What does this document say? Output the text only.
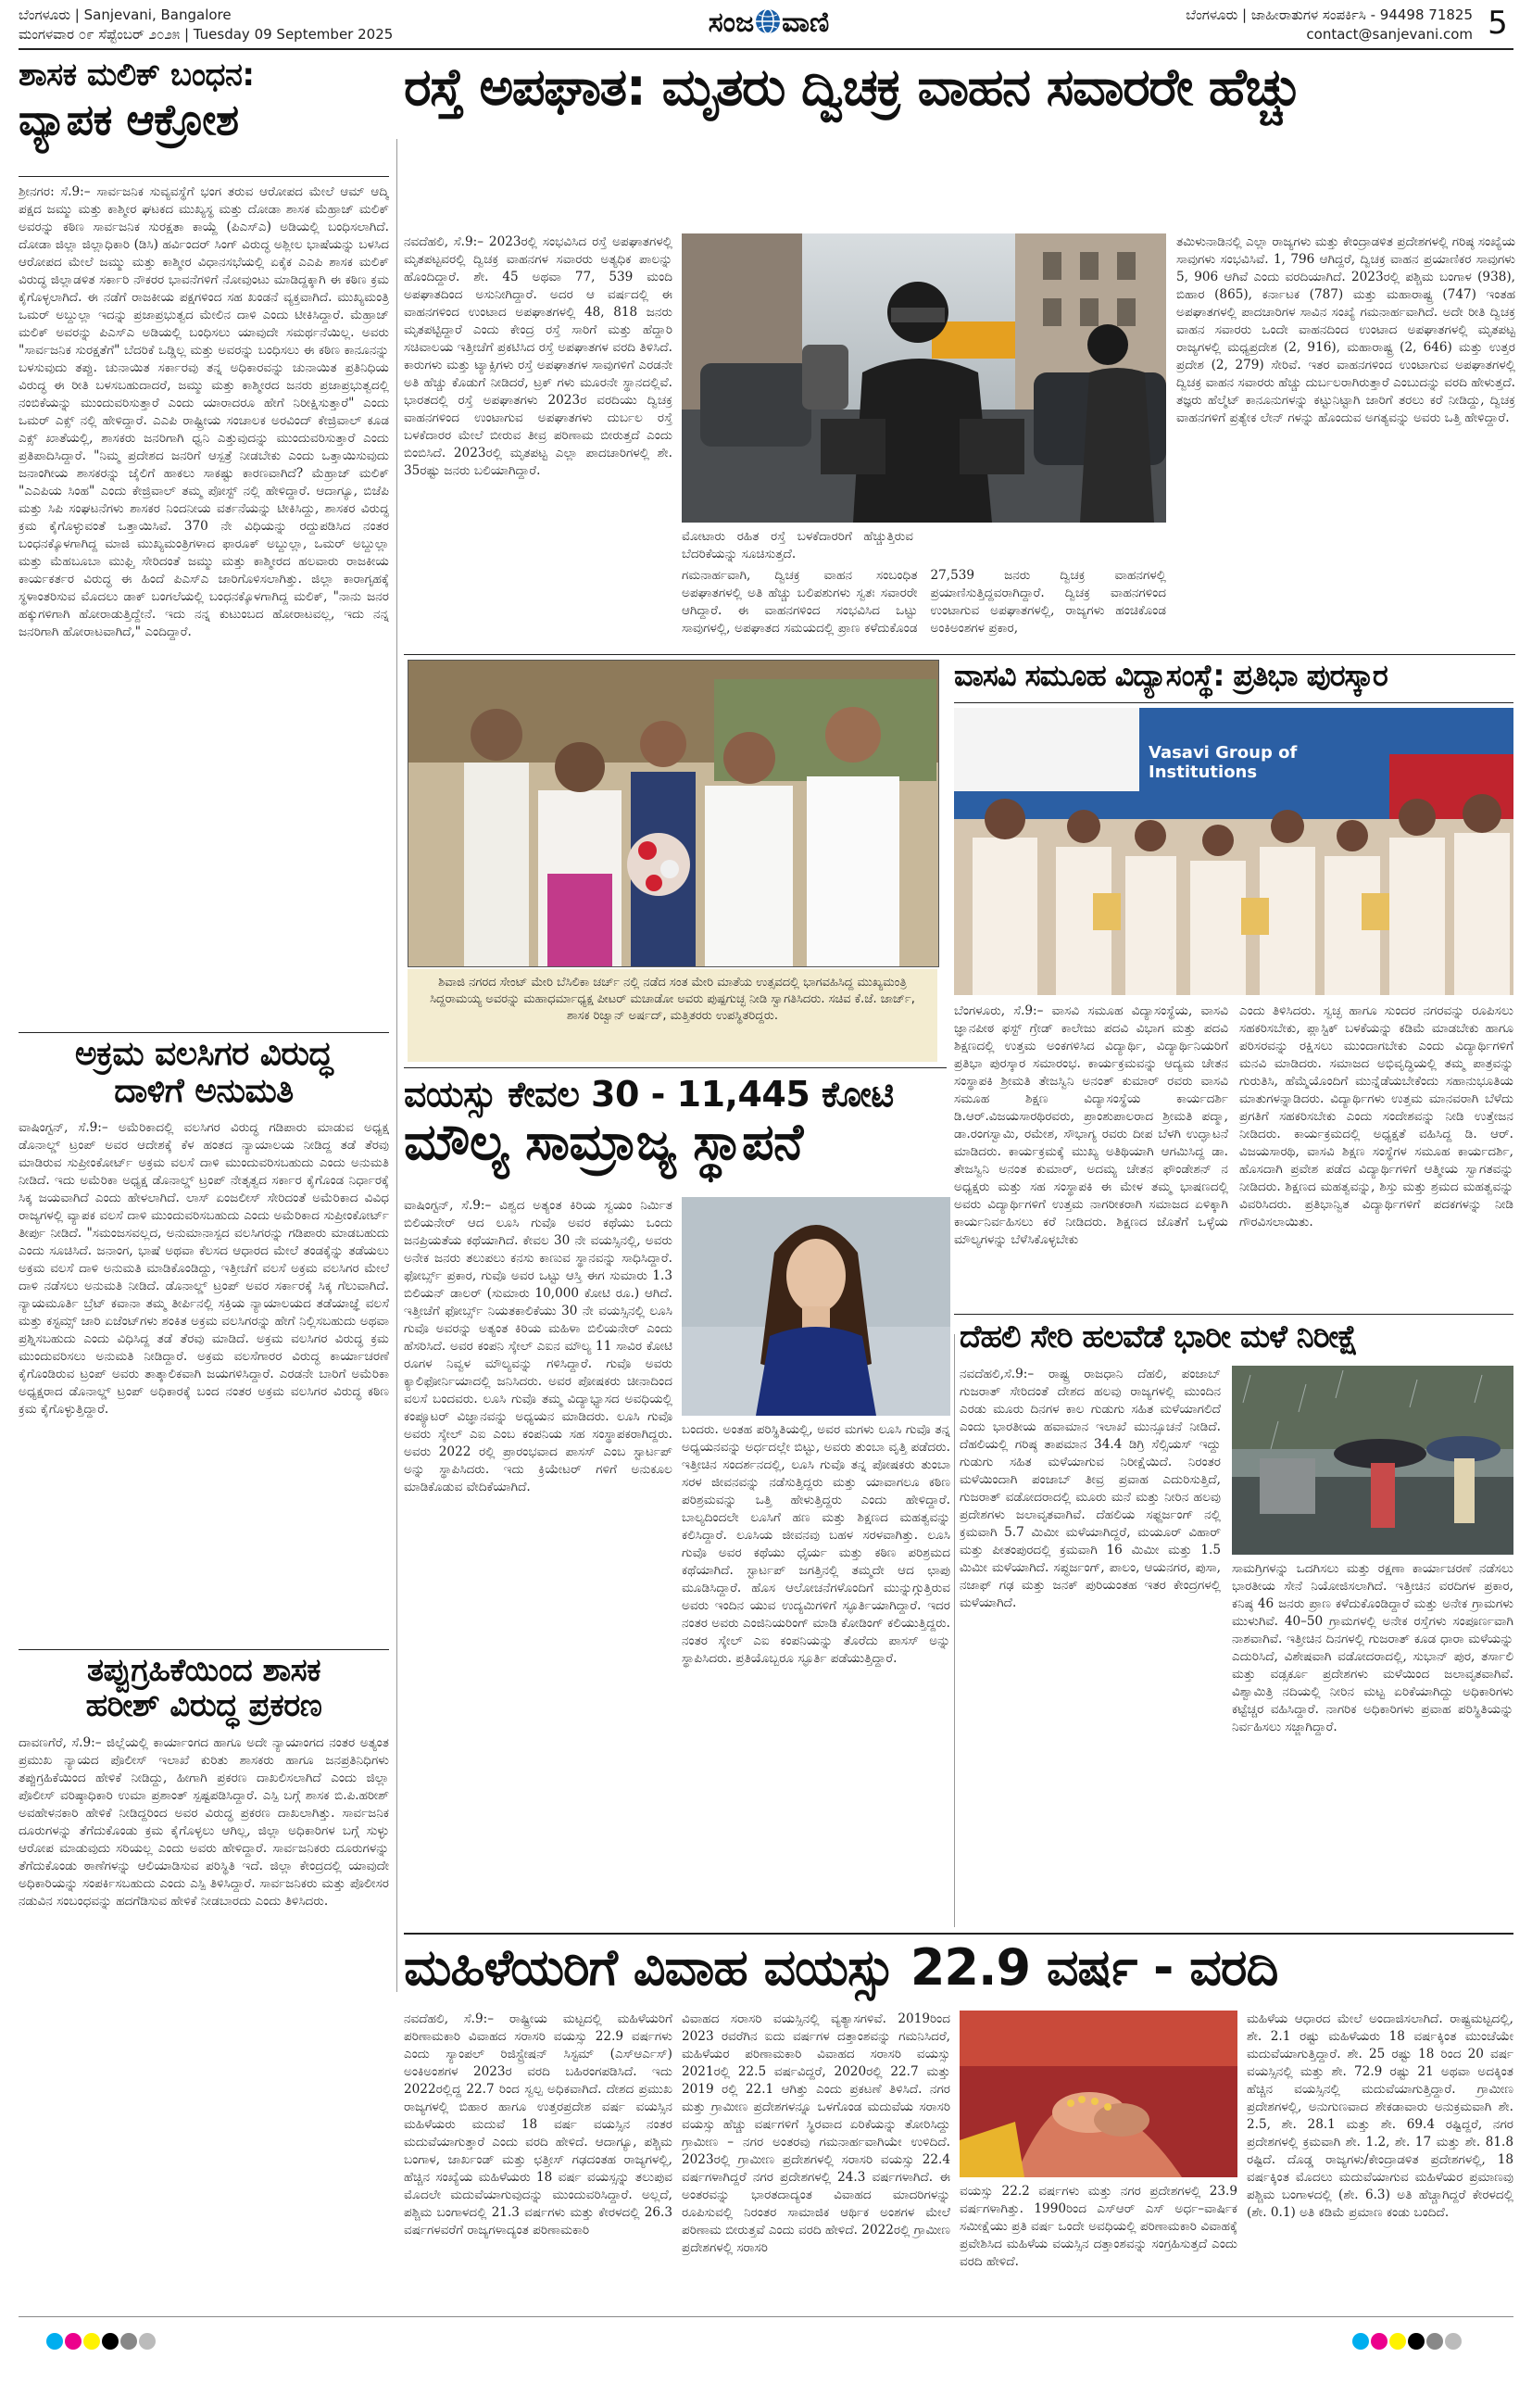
ಬೆಂಗಳೂರು | Sanjevani, Bangalore
ಮಂಗಳವಾರ ೦೯ ಸೆಪ್ಟೆಂಬರ್ ೨೦೨೫ | Tuesday 09 September 2025	ಸಂಜ ವಾಣಿ	ಬೆಂಗಳೂರು | ಜಾಹೀರಾತುಗಳ ಸಂಪರ್ಕಿಸಿ - 94498 71825
contact@sanjevani.com 5
ಶಾಸಕ ಮಲಿಕ್ ಬಂಧನ:
ವ್ಯಾಪಕ ಆಕ್ರೋಶ
ಶ್ರೀನಗರ: ಸೆ.9:– ಸಾರ್ವಜನಿಕ ಸುವ್ಯವಸ್ಥೆಗೆ ಭಂಗ ತರುವ ಆರೋಪದ ಮೇಲೆ ಆಮ್ ಆದ್ಮಿ ಪಕ್ಷದ ಜಮ್ಮು ಮತ್ತು ಕಾಶ್ಮೀರ ಘಟಕದ ಮುಖ್ಯಸ್ಥ ಮತ್ತು ದೋಡಾ ಶಾಸಕ ಮೆಹ್ರಾಜ್ ಮಲಿಕ್ ಅವರನ್ನು ಕಠಿಣ ಸಾರ್ವಜನಿಕ ಸುರಕ್ಷತಾ ಕಾಯ್ದೆ (ಪಿಎಸ್ಎ) ಅಡಿಯಲ್ಲಿ ಬಂಧಿಸಲಾಗಿದೆ. ದೋಡಾ ಜಿಲ್ಲಾ ಜಿಲ್ಲಾಧಿಕಾರಿ (ಡಿಸಿ) ಹರ್ವಿಂದರ್ ಸಿಂಗ್ ವಿರುದ್ಧ ಅಶ್ಲೀಲ ಭಾಷೆಯನ್ನು ಬಳಸಿದ ಆರೋಪದ ಮೇಲೆ ಜಮ್ಮು ಮತ್ತು ಕಾಶ್ಮೀರ ವಿಧಾನಸಭೆಯಲ್ಲಿ ಏಕೈಕ ಎಎಪಿ ಶಾಸಕ ಮಲಿಕ್ ವಿರುದ್ಧ ಜಿಲ್ಲಾಡಳಿತ ಸರ್ಕಾರಿ ನೌಕರರ ಭಾವನೆಗಳಿಗೆ ನೋವುಂಟು ಮಾಡಿದ್ದಕ್ಕಾಗಿ ಈ ಕಠಿಣ ಕ್ರಮ ಕೈಗೊಳ್ಳಲಾಗಿದೆ. ಈ ನಡೆಗೆ ರಾಜಕೀಯ ಪಕ್ಷಗಳಿಂದ ಸಹ ಖಂಡನೆ ವ್ಯಕ್ತವಾಗಿದೆ. ಮುಖ್ಯಮಂತ್ರಿ ಒಮರ್ ಅಬ್ದುಲ್ಲಾ ಇದನ್ನು ಪ್ರಜಾಪ್ರಭುತ್ವದ ಮೇಲಿನ ದಾಳಿ ಎಂದು ಟೀಕಿಸಿದ್ದಾರೆ. ಮೆಹ್ರಾಜ್ ಮಲಿಕ್ ಅವರನ್ನು ಪಿಎಸ್ಎ ಅಡಿಯಲ್ಲಿ ಬಂಧಿಸಲು ಯಾವುದೇ ಸಮರ್ಥನೆಯಿಲ್ಲ. ಅವರು "ಸಾರ್ವಜನಿಕ ಸುರಕ್ಷತೆಗೆ" ಬೆದರಿಕೆ ಒಡ್ಡಿಲ್ಲ ಮತ್ತು ಅವರನ್ನು ಬಂಧಿಸಲು ಈ ಕಠಿಣ ಕಾನೂನನ್ನು ಬಳಸುವುದು ತಪ್ಪು. ಚುನಾಯಿತ ಸರ್ಕಾರವು ತನ್ನ ಅಧಿಕಾರವನ್ನು ಚುನಾಯಿತ ಪ್ರತಿನಿಧಿಯ ವಿರುದ್ಧ ಈ ರೀತಿ ಬಳಸಬಹುದಾದರೆ, ಜಮ್ಮು ಮತ್ತು ಕಾಶ್ಮೀರದ ಜನರು ಪ್ರಜಾಪ್ರಭುತ್ವದಲ್ಲಿ ನಂಬಿಕೆಯನ್ನು ಮುಂದುವರಿಸುತ್ತಾರೆ ಎಂದು ಯಾರಾದರೂ ಹೇಗೆ ನಿರೀಕ್ಷಿಸುತ್ತಾರೆ" ಎಂದು ಒಮರ್ ಎಕ್ಸ್ ನಲ್ಲಿ ಹೇಳಿದ್ದಾರೆ. ಎಎಪಿ ರಾಷ್ಟ್ರೀಯ ಸಂಚಾಲಕ ಅರವಿಂದ್ ಕೇಜ್ರಿವಾಲ್ ಕೂಡ ಎಕ್ಸ್ ಖಾತೆಯಲ್ಲಿ, ಶಾಸಕರು ಜನರಿಗಾಗಿ ಧ್ವನಿ ಎತ್ತುವುದನ್ನು ಮುಂದುವರಿಸುತ್ತಾರೆ ಎಂದು ಪ್ರತಿಪಾದಿಸಿದ್ದಾರೆ. "ನಿಮ್ಮ ಪ್ರದೇಶದ ಜನರಿಗೆ ಆಸ್ಪತ್ರೆ ನೀಡಬೇಕು ಎಂದು ಒತ್ತಾಯಿಸುವುದು ಜನಾಂಗೀಯ ಶಾಸಕರನ್ನು ಜೈಲಿಗೆ ಹಾಕಲು ಸಾಕಷ್ಟು ಕಾರಣವಾಗಿದೆ? ಮೆಹ್ರಾಜ್ ಮಲಿಕ್ "ಎಎಪಿಯ ಸಿಂಹ" ಎಂದು ಕೇಜ್ರಿವಾಲ್ ತಮ್ಮ ಪೋಸ್ಟ್ ನಲ್ಲಿ ಹೇಳಿದ್ದಾರೆ. ಆದಾಗ್ಯೂ, ಬಿಜೆಪಿ ಮತ್ತು ಸಿಪಿ ಸಂಘಟನೆಗಳು ಶಾಸಕರ ನಿಂದನೀಯ ವರ್ತನೆಯನ್ನು ಟೀಕಿಸಿದ್ದು, ಶಾಸಕರ ವಿರುದ್ಧ ಕ್ರಮ ಕೈಗೊಳ್ಳುವಂತೆ ಒತ್ತಾಯಿಸಿವೆ. 370 ನೇ ವಿಧಿಯನ್ನು ರದ್ದುಪಡಿಸಿದ ನಂತರ ಬಂಧನಕ್ಕೊಳಗಾಗಿದ್ದ ಮಾಜಿ ಮುಖ್ಯಮಂತ್ರಿಗಳಾದ ಫಾರೂಕ್ ಅಬ್ದುಲ್ಲಾ, ಒಮರ್ ಅಬ್ದುಲ್ಲಾ ಮತ್ತು ಮೆಹಬೂಬಾ ಮುಫ್ತಿ ಸೇರಿದಂತೆ ಜಮ್ಮು ಮತ್ತು ಕಾಶ್ಮೀರದ ಹಲವಾರು ರಾಜಕೀಯ ಕಾರ್ಯಕರ್ತರ ವಿರುದ್ಧ ಈ ಹಿಂದೆ ಪಿಎಸ್ಎ ಜಾರಿಗೊಳಿಸಲಾಗಿತ್ತು. ಜಿಲ್ಲಾ ಕಾರಾಗೃಹಕ್ಕೆ ಸ್ಥಳಾಂತರಿಸುವ ಮೊದಲು ಡಾಕ್ ಬಂಗಲೆಯಲ್ಲಿ ಬಂಧನಕ್ಕೊಳಗಾಗಿದ್ದ ಮಲಿಕ್, "ನಾನು ಜನರ ಹಕ್ಕುಗಳಿಗಾಗಿ ಹೋರಾಡುತ್ತಿದ್ದೇನೆ. ಇದು ನನ್ನ ಕುಟುಂಬದ ಹೋರಾಟವಲ್ಲ, ಇದು ನನ್ನ ಜನರಿಗಾಗಿ ಹೋರಾಟವಾಗಿದೆ," ಎಂದಿದ್ದಾರೆ.
ಅಕ್ರಮ ವಲಸಿಗರ ವಿರುದ್ಧ
ದಾಳಿಗೆ ಅನುಮತಿ
ವಾಷಿಂಗ್ಟನ್, ಸೆ.9:– ಅಮೆರಿಕಾದಲ್ಲಿ ವಲಸಿಗರ ವಿರುದ್ಧ ಗಡಿಪಾರು ಮಾಡುವ ಅಧ್ಯಕ್ಷ ಡೊನಾಲ್ಡ್ ಟ್ರಂಪ್ ಅವರ ಆದೇಶಕ್ಕೆ ಕೆಳ ಹಂತದ ನ್ಯಾಯಾಲಯ ನೀಡಿದ್ದ ತಡೆ ತೆರವು ಮಾಡಿರುವ ಸುಪ್ರೀಂಕೋರ್ಟ್ ಅಕ್ರಮ ವಲಸೆ ದಾಳಿ ಮುಂದುವರಿಸಬಹುದು ಎಂದು ಅನುಮತಿ ನೀಡಿದೆ. ಇದು ಅಮೆರಿಕಾ ಅಧ್ಯಕ್ಷ ಡೊನಾಲ್ಡ್ ಟ್ರಂಪ್ ನೇತೃತ್ವದ ಸರ್ಕಾರ ಕೈಗೊಂಡ ನಿರ್ಧಾರಕ್ಕೆ ಸಿಕ್ಕ ಜಯವಾಗಿದೆ ಎಂದು ಹೇಳಲಾಗಿದೆ. ಲಾಸ್ ಏಂಜಲೀಸ್ ಸೇರಿದಂತೆ ಅಮೆರಿಕಾದ ವಿವಿಧ ರಾಜ್ಯಗಳಲ್ಲಿ ವ್ಯಾಪಕ ವಲಸೆ ದಾಳಿ ಮುಂದುವರಿಸಬಹುದು ಎಂದು ಅಮೆರಿಕಾದ ಸುಪ್ರೀಂಕೋರ್ಟ್ ತೀರ್ಪು ನೀಡಿದೆ. "ಸಮಂಜಸವಲ್ಲದ, ಅನುಮಾನಾಸ್ಪದ ವಲಸಿಗರನ್ನು ಗಡಿಪಾರು ಮಾಡಬಹುದು ಎಂದು ಸೂಚಿಸಿದೆ. ಜನಾಂಗ, ಭಾಷೆ ಅಥವಾ ಕೆಲಸದ ಆಧಾರದ ಮೇಲೆ ತಂಡಕ್ಕೆನ್ನು ತಡೆಯಲು ಅಕ್ರಮ ವಲಸೆ ದಾಳಿ ಅನುಮತಿ ಮಾಡಿಕೊಂಡಿದ್ದು, ಇತ್ತೀಚೆಗೆ ವಲಸೆ ಅಕ್ರಮ ವಲಸಿಗರ ಮೇಲೆ ದಾಳಿ ನಡೆಸಲು ಅನುಮತಿ ನೀಡಿದೆ. ಡೊನಾಲ್ಡ್ ಟ್ರಂಪ್ ಅವರ ಸರ್ಕಾರಕ್ಕೆ ಸಿಕ್ಕ ಗೆಲುವಾಗಿದೆ. ನ್ಯಾಯಮೂರ್ತಿ ಬ್ರೆಟ್ ಕವಾನಾ ತಮ್ಮ ತೀರ್ಪಿನಲ್ಲಿ ಸಕ್ರಿಯ ನ್ಯಾಯಾಲಯದ ತಡೆಯಾಜ್ಞೆ ವಲಸೆ ಮತ್ತು ಕಸ್ಟಮ್ಸ್ ಜಾರಿ ಏಜೆಂಟ್‌ಗಳು ಶಂಕಿತ ಅಕ್ರಮ ವಲಸಿಗರನ್ನು ಹೇಗೆ ನಿಲ್ಲಿಸಬಹುದು ಅಥವಾ ಪ್ರಶ್ನಿಸಬಹುದು ಎಂದು ವಿಧಿಸಿದ್ದ ತಡೆ ತೆರವು ಮಾಡಿದೆ. ಅಕ್ರಮ ವಲಸಿಗರ ವಿರುದ್ಧ ಕ್ರಮ ಮುಂದುವರಿಸಲು ಅನುಮತಿ ನೀಡಿದ್ದಾರೆ. ಅಕ್ರಮ ವಲಸೆಗಾರರ ವಿರುದ್ಧ ಕಾರ್ಯಾಚರಣೆ ಕೈಗೊಂಡಿರುವ ಟ್ರಂಪ್ ಅವರು ತಾತ್ಕಾಲಿಕವಾಗಿ ಜಯಗಳಿಸಿದ್ದಾರೆ. ಎರಡನೇ ಬಾರಿಗೆ ಅಮೆರಿಕಾ ಅಧ್ಯಕ್ಷರಾದ ಡೊನಾಲ್ಡ್ ಟ್ರಂಪ್ ಅಧಿಕಾರಕ್ಕೆ ಬಂದ ನಂತರ ಅಕ್ರಮ ವಲಸಿಗರ ವಿರುದ್ಧ ಕಠಿಣ ಕ್ರಮ ಕೈಗೊಳ್ಳುತ್ತಿದ್ದಾರೆ.
ತಪ್ಪುಗ್ರಹಿಕೆಯಿಂದ ಶಾಸಕ
ಹರೀಶ್ ವಿರುದ್ಧ ಪ್ರಕರಣ
ದಾವಣಗೆರೆ, ಸೆ.9:– ಜಿಲ್ಲೆಯಲ್ಲಿ ಕಾರ್ಯಾಂಗದ ಹಾಗೂ ಅದೇ ನ್ಯಾಯಾಂಗದ ನಂತರ ಅತ್ಯಂತ ಪ್ರಮುಖ ನ್ಯಾಯದ ಪೊಲೀಸ್ ಇಲಾಖೆ ಕುರಿತು ಶಾಸಕರು ಹಾಗೂ ಜನಪ್ರತಿನಿಧಿಗಳು ತಪ್ಪುಗ್ರಹಿಕೆಯಿಂದ ಹೇಳಿಕೆ ನೀಡಿದ್ದು, ಹೀಗಾಗಿ ಪ್ರಕರಣ ದಾಖಲಿಸಲಾಗಿದೆ ಎಂದು ಜಿಲ್ಲಾ ಪೊಲೀಸ್ ವರಿಷ್ಠಾಧಿಕಾರಿ ಉಮಾ ಪ್ರಶಾಂತ್ ಸ್ಪಷ್ಟಪಡಿಸಿದ್ದಾರೆ. ಎಸ್ಪಿ ಬಗ್ಗೆ ಶಾಸಕ ಬಿ.ಪಿ.ಹರೀಶ್ ಅವಹೇಳನಕಾರಿ ಹೇಳಿಕೆ ನೀಡಿದ್ದರಿಂದ ಅವರ ವಿರುದ್ಧ ಪ್ರಕರಣ ದಾಖಲಾಗಿತ್ತು. ಸಾರ್ವಜನಿಕ ದೂರುಗಳನ್ನು ತೆಗೆದುಕೊಂಡು ಕ್ರಮ ಕೈಗೊಳ್ಳಲು ಆಗಿಲ್ಲ, ಜಿಲ್ಲಾ ಅಧಿಕಾರಿಗಳ ಬಗ್ಗೆ ಸುಳ್ಳು ಆರೋಪ ಮಾಡುವುದು ಸರಿಯಲ್ಲ ಎಂದು ಅವರು ಹೇಳಿದ್ದಾರೆ. ಸಾರ್ವಜನಿಕರು ದೂರುಗಳನ್ನು ತೆಗೆದುಕೊಂಡು ಠಾಣೆಗಳನ್ನು ಆಲಿಯಾಡಿಸುವ ಪರಿಸ್ಥಿತಿ ಇದೆ. ಜಿಲ್ಲಾ ಕೇಂದ್ರದಲ್ಲಿ ಯಾವುದೇ ಅಧಿಕಾರಿಯನ್ನು ಸಂಪರ್ಕಿಸಬಹುದು ಎಂದು ಎಸ್ಪಿ ತಿಳಿಸಿದ್ದಾರೆ. ಸಾರ್ವಜನಿಕರು ಮತ್ತು ಪೊಲೀಸರ ನಡುವಿನ ಸಂಬಂಧವನ್ನು ಹದಗೆಡಿಸುವ ಹೇಳಿಕೆ ನೀಡಬಾರದು ಎಂದು ತಿಳಿಸಿದರು.
ರಸ್ತೆ ಅಪಘಾತ: ಮೃತರು ದ್ವಿಚಕ್ರ ವಾಹನ ಸವಾರರೇ ಹೆಚ್ಚು
ನವದೆಹಲಿ, ಸೆ.9:– 2023ರಲ್ಲಿ ಸಂಭವಿಸಿದ ರಸ್ತೆ ಅಪಘಾತಗಳಲ್ಲಿ ಮೃತಪಟ್ಟವರಲ್ಲಿ ದ್ವಿಚಕ್ರ ವಾಹನಗಳ ಸವಾರರು ಅತ್ಯಧಿಕ ಪಾಲನ್ನು ಹೊಂದಿದ್ದಾರೆ. ಶೇ. 45 ಅಥವಾ 77, 539 ಮಂದಿ ಅಪಘಾತದಿಂದ ಅಸುನೀಗಿದ್ದಾರೆ. ಅದರ ಆ ವರ್ಷದಲ್ಲಿ ಈ ವಾಹನಗಳಿಂದ ಉಂಟಾದ ಅಪಘಾತಗಳಲ್ಲಿ 48, 818 ಜನರು ಮೃತಪಟ್ಟಿದ್ದಾರೆ ಎಂದು ಕೇಂದ್ರ ರಸ್ತೆ ಸಾರಿಗೆ ಮತ್ತು ಹೆದ್ದಾರಿ ಸಚಿವಾಲಯ ಇತ್ತೀಚೆಗೆ ಪ್ರಕಟಿಸಿದ ರಸ್ತೆ ಅಪಘಾತಗಳ ವರದಿ ತಿಳಿಸಿದೆ. ಕಾರುಗಳು ಮತ್ತು ಟ್ಯಾಕ್ಸಿಗಳು ರಸ್ತೆ ಅಪಘಾತಗಳ ಸಾವುಗಳಿಗೆ ಎರಡನೇ ಅತಿ ಹೆಚ್ಚು ಕೊಡುಗೆ ನೀಡಿದರೆ, ಟ್ರಕ್ ಗಳು ಮೂರನೇ ಸ್ಥಾನದಲ್ಲಿವೆ. ಭಾರತದಲ್ಲಿ ರಸ್ತೆ ಅಪಘಾತಗಳು 2023ರ ವರದಿಯು ದ್ವಿಚಕ್ರ ವಾಹನಗಳಿಂದ ಉಂಟಾಗುವ ಅಪಘಾತಗಳು ದುರ್ಬಲ ರಸ್ತೆ ಬಳಕೆದಾರರ ಮೇಲೆ ಬೀರುವ ತೀವ್ರ ಪರಿಣಾಮ ಬೀರುತ್ತದೆ ಎಂದು ಬಿಂಬಿಸಿದೆ. 2023ರಲ್ಲಿ ಮೃತಪಟ್ಟ ಎಲ್ಲಾ ಪಾದಚಾರಿಗಳಲ್ಲಿ ಶೇ. 35ರಷ್ಟು ಜನರು ಬಲಿಯಾಗಿದ್ದಾರೆ.
ಮೋಟಾರು ರಹಿತ ರಸ್ತೆ ಬಳಕೆದಾರರಿಗೆ ಹೆಚ್ಚುತ್ತಿರುವ ಬೆದರಿಕೆಯನ್ನು ಸೂಚಿಸುತ್ತದೆ.
ಗಮನಾರ್ಹವಾಗಿ, ದ್ವಿಚಕ್ರ ವಾಹನ ಸಂಬಂಧಿತ ಅಪಘಾತಗಳಲ್ಲಿ ಅತಿ ಹೆಚ್ಚು ಬಲಿಪಶುಗಳು ಸ್ವತಃ ಸವಾರರೇ ಆಗಿದ್ದಾರೆ. ಈ ವಾಹನಗಳಿಂದ ಸಂಭವಿಸಿದ ಒಟ್ಟು ಸಾವುಗಳಲ್ಲಿ, ಅಪಘಾತದ ಸಮಯದಲ್ಲಿ ಪ್ರಾಣ ಕಳೆದುಕೊಂಡ 27,539 ಜನರು ದ್ವಿಚಕ್ರ ವಾಹನಗಳಲ್ಲಿ ಪ್ರಯಾಣಿಸುತ್ತಿದ್ದವರಾಗಿದ್ದಾರೆ. ದ್ವಿಚಕ್ರ ವಾಹನಗಳಿಂದ ಉಂಟಾಗುವ ಅಪಘಾತಗಳಲ್ಲಿ, ರಾಜ್ಯಗಳು ಹಂಚಿಕೊಂಡ ಅಂಕಿಅಂಶಗಳ ಪ್ರಕಾರ,
ತಮಿಳುನಾಡಿನಲ್ಲಿ ಎಲ್ಲಾ ರಾಜ್ಯಗಳು ಮತ್ತು ಕೇಂದ್ರಾಡಳಿತ ಪ್ರದೇಶಗಳಲ್ಲಿ ಗರಿಷ್ಠ ಸಂಖ್ಯೆಯ ಸಾವುಗಳು ಸಂಭವಿಸಿವೆ. 1, 796 ಆಗಿದ್ದರೆ, ದ್ವಿಚಕ್ರ ವಾಹನ ಪ್ರಯಾಣಿಕರ ಸಾವುಗಳು 5, 906 ಆಗಿವೆ ಎಂದು ವರದಿಯಾಗಿದೆ. 2023ರಲ್ಲಿ ಪಶ್ಚಿಮ ಬಂಗಾಳ (938), ಬಿಹಾರ (865), ಕರ್ನಾಟಕ (787) ಮತ್ತು ಮಹಾರಾಷ್ಟ್ರ (747) ಇಂತಹ ಅಪಘಾತಗಳಲ್ಲಿ ಪಾದಚಾರಿಗಳ ಸಾವಿನ ಸಂಖ್ಯೆ ಗಮನಾರ್ಹವಾಗಿದೆ. ಅದೇ ರೀತಿ ದ್ವಿಚಕ್ರ ವಾಹನ ಸವಾರರು ಒಂದೇ ವಾಹನದಿಂದ ಉಂಟಾದ ಅಪಘಾತಗಳಲ್ಲಿ ಮೃತಪಟ್ಟ ರಾಜ್ಯಗಳಲ್ಲಿ ಮಧ್ಯಪ್ರದೇಶ (2, 916), ಮಹಾರಾಷ್ಟ್ರ (2, 646) ಮತ್ತು ಉತ್ತರ ಪ್ರದೇಶ (2, 279) ಸೇರಿವೆ. ಇತರ ವಾಹನಗಳಿಂದ ಉಂಟಾಗುವ ಅಪಘಾತಗಳಲ್ಲಿ ದ್ವಿಚಕ್ರ ವಾಹನ ಸವಾರರು ಹೆಚ್ಚು ದುರ್ಬಲರಾಗಿರುತ್ತಾರೆ ಎಂಬುದನ್ನು ವರದಿ ಹೇಳುತ್ತದೆ. ತಜ್ಞರು ಹೆಲ್ಮೆಟ್ ಕಾನೂನುಗಳನ್ನು ಕಟ್ಟುನಿಟ್ಟಾಗಿ ಜಾರಿಗೆ ತರಲು ಕರೆ ನೀಡಿದ್ದು, ದ್ವಿಚಕ್ರ ವಾಹನಗಳಿಗೆ ಪ್ರತ್ಯೇಕ ಲೇನ್ ಗಳನ್ನು ಹೊಂದುವ ಅಗತ್ಯವನ್ನು ಅವರು ಒತ್ತಿ ಹೇಳಿದ್ದಾರೆ.
ಶಿವಾಜಿ ನಗರದ ಸೇಂಟ್ ಮೇರಿ ಬೆಸಿಲಿಕಾ ಚರ್ಚ್ ನಲ್ಲಿ ನಡೆದ ಸಂತ ಮೇರಿ ಮಾತೆಯ ಉತ್ಸವದಲ್ಲಿ ಭಾಗವಹಿಸಿದ್ದ ಮುಖ್ಯಮಂತ್ರಿ ಸಿದ್ದರಾಮಯ್ಯ ಅವರನ್ನು ಮಹಾಧರ್ಮಾಧ್ಯಕ್ಷ ಪೀಟರ್ ಮಚಾಡೋ ಅವರು ಪುಷ್ಪಗುಚ್ಛ ನೀಡಿ ಸ್ವಾಗತಿಸಿದರು. ಸಚಿವ ಕೆ.ಜೆ. ಜಾರ್ಜ್, ಶಾಸಕ ರಿಜ್ವಾನ್ ಅರ್ಷದ್, ಮತ್ತಿತರರು ಉಪಸ್ಥಿತರಿದ್ದರು.
ವಾಸವಿ ಸಮೂಹ ವಿದ್ಯಾಸಂಸ್ಥೆ: ಪ್ರತಿಭಾ ಪುರಸ್ಕಾರ
Vasavi Group of Institutions
ಬೆಂಗಳೂರು, ಸೆ.9:– ವಾಸವಿ ಸಮೂಹ ವಿದ್ಯಾಸಂಸ್ಥೆಯ, ವಾಸವಿ ಜ್ಞಾನಪೀಠ ಫಸ್ಟ್ ಗ್ರೇಡ್ ಕಾಲೇಜು ಪದವಿ ವಿಭಾಗ ಮತ್ತು ಪದವಿ ಶಿಕ್ಷಣದಲ್ಲಿ ಉತ್ತಮ ಅಂಕಗಳಿಸಿದ ವಿದ್ಯಾರ್ಥಿ, ವಿದ್ಯಾರ್ಥಿನಿಯರಿಗೆ ಪ್ರತಿಭಾ ಪುರಸ್ಕಾರ ಸಮಾರಂಭ. ಕಾರ್ಯಕ್ರಮವನ್ನು ಆದ್ಯಮ ಚೇತನ ಸಂಸ್ಥಾಪಕಿ ಶ್ರೀಮತಿ ತೇಜಸ್ವಿನಿ ಅನಂತ್ ಕುಮಾರ್ ರವರು ವಾಸವಿ ಸಮೂಹ ಶಿಕ್ಷಣ ವಿದ್ಯಾಸಂಸ್ಥೆಯ ಕಾರ್ಯದರ್ಶಿ ಡಿ.ಆರ್.ವಿಜಯಸಾರಥಿರವರು, ಪ್ರಾಂಶುಪಾಲರಾದ ಶ್ರೀಮತಿ ಪದ್ಮಾ, ಡಾ.ರಂಗಸ್ವಾಮಿ, ರಮೇಶ, ಸೌಭಾಗ್ಯ ರವರು ದೀಪ ಬೆಳಗಿ ಉದ್ಘಾಟನೆ ಮಾಡಿದರು. ಕಾರ್ಯಕ್ರಮಕ್ಕೆ ಮುಖ್ಯ ಅತಿಥಿಯಾಗಿ ಆಗಮಿಸಿದ್ದ ಡಾ. ತೇಜಸ್ವಿನಿ ಅನಂತ ಕುಮಾರ್, ಅದಮ್ಯ ಚೇತನ ಫೌಂಡೇಶನ್ ನ ಅಧ್ಯಕ್ಷರು ಮತ್ತು ಸಹ ಸಂಸ್ಥಾಪಕಿ ಈ ಮೇಳ ತಮ್ಮ ಭಾಷಣದಲ್ಲಿ ಅವರು ವಿದ್ಯಾರ್ಥಿಗಳಿಗೆ ಉತ್ತಮ ನಾಗರೀಕರಾಗಿ ಸಮಾಜದ ಏಳಿಕ್ಕಾಗಿ ಕಾರ್ಯನಿರ್ವಹಿಸಲು ಕರೆ ನೀಡಿದರು. ಶಿಕ್ಷಣದ ಜೊತೆಗೆ ಒಳ್ಳೆಯ ಮೌಲ್ಯಗಳನ್ನು ಬೆಳೆಸಿಕೊಳ್ಳಬೇಕು
ಎಂದು ತಿಳಿಸಿದರು. ಸ್ವಚ್ಛ ಹಾಗೂ ಸುಂದರ ನಗರವನ್ನು ರೂಪಿಸಲು ಸಹಕರಿಸಬೇಕು, ಪ್ಲಾಸ್ಟಿಕ್ ಬಳಕೆಯನ್ನು ಕಡಿಮೆ ಮಾಡಬೇಕು ಹಾಗೂ ಪರಿಸರವನ್ನು ರಕ್ಷಿಸಲು ಮುಂದಾಗಬೇಕು ಎಂದು ವಿದ್ಯಾರ್ಥಿಗಳಿಗೆ ಮನವಿ ಮಾಡಿದರು. ಸಮಾಜದ ಅಭಿವೃದ್ಧಿಯಲ್ಲಿ ತಮ್ಮ ಪಾತ್ರವನ್ನು ಗುರುತಿಸಿ, ಹೆಮ್ಮೆಯೊಂದಿಗೆ ಮುನ್ನೆಡೆಯಬೇಕೆಂದು ಸಹಾನುಭೂತಿಯ ಮಾತುಗಳನ್ನಾಡಿದರು. ವಿದ್ಯಾರ್ಥಿಗಳು ಉತ್ತಮ ಮಾನವರಾಗಿ ಬೆಳೆದು ಪ್ರಗತಿಗೆ ಸಹಕರಿಸಬೇಕು ಎಂದು ಸಂದೇಶವನ್ನು ನೀಡಿ ಉತ್ತೇಜನ ನೀಡಿದರು. ಕಾರ್ಯಕ್ರಮದಲ್ಲಿ ಅಧ್ಯಕ್ಷತೆ ವಹಿಸಿದ್ದ ಡಿ. ಆರ್. ವಿಜಯಸಾರಥಿ, ವಾಸವಿ ಶಿಕ್ಷಣ ಸಂಸ್ಥೆಗಳ ಸಮೂಹ ಕಾರ್ಯದರ್ಶಿ, ಹೊಸದಾಗಿ ಪ್ರವೇಶ ಪಡೆದ ವಿದ್ಯಾರ್ಥಿಗಳಿಗೆ ಆತ್ಮೀಯ ಸ್ವಾಗತವನ್ನು ನೀಡಿದರು. ಶಿಕ್ಷಣದ ಮಹತ್ವವನ್ನು, ಶಿಸ್ತು ಮತ್ತು ಶ್ರಮದ ಮಹತ್ವವನ್ನು ವಿವರಿಸಿದರು. ಪ್ರತಿಭಾನ್ವಿತ ವಿದ್ಯಾರ್ಥಿಗಳಿಗೆ ಪದಕಗಳನ್ನು ನೀಡಿ ಗೌರವಿಸಲಾಯಿತು.
ವಯಸ್ಸು ಕೇವಲ 30 - 11,445 ಕೋಟಿ
ಮೌಲ್ಯ ಸಾಮ್ರಾಜ್ಯ ಸ್ಥಾಪನೆ
ವಾಷಿಂಗ್ಟನ್, ಸೆ.9:– ವಿಶ್ವದ ಅತ್ಯಂತ ಕಿರಿಯ ಸ್ವಯಂ ನಿರ್ಮಿತ ಬಿಲಿಯನೇರ್ ಆದ ಲೂಸಿ ಗುವೊ ಅವರ ಕಥೆಯು ಒಂದು ಜನಪ್ರಿಯತೆಯ ಕಥೆಯಾಗಿದೆ. ಕೇವಲ 30 ನೇ ವಯಸ್ಸಿನಲ್ಲಿ, ಅವರು ಅನೇಕ ಜನರು ತಲುಪಲು ಕನಸು ಕಾಣುವ ಸ್ಥಾನವನ್ನು ಸಾಧಿಸಿದ್ದಾರೆ. ಫೋರ್ಬ್ಸ್ ಪ್ರಕಾರ, ಗುವೊ ಅವರ ಒಟ್ಟು ಆಸ್ತಿ ಈಗ ಸುಮಾರು 1.3 ಬಿಲಿಯನ್ ಡಾಲರ್ (ಸುಮಾರು 10,000 ಕೋಟಿ ರೂ.) ಆಗಿದೆ. ಇತ್ತೀಚೆಗೆ ಫೋರ್ಬ್ಸ್ ನಿಯತಕಾಲಿಕೆಯು 30 ನೇ ವಯಸ್ಸಿನಲ್ಲಿ ಲೂಸಿ ಗುವೊ ಅವರನ್ನು ಅತ್ಯಂತ ಕಿರಿಯ ಮಹಿಳಾ ಬಿಲಿಯನೇರ್ ಎಂದು ಹೆಸರಿಸಿದೆ. ಅವರ ಕಂಪನಿ ಸ್ಕೇಲ್ ಎಐನ ಮೌಲ್ಯ 11 ಸಾವಿರ ಕೋಟಿ ರೂಗಳ ನಿವ್ವಳ ಮೌಲ್ಯವನ್ನು ಗಳಿಸಿದ್ದಾರೆ. ಗುವೊ ಅವರು ಕ್ಯಾಲಿಫೋರ್ನಿಯಾದಲ್ಲಿ ಜನಿಸಿದರು. ಅವರ ಪೋಷಕರು ಚೀನಾದಿಂದ ವಲಸೆ ಬಂದವರು. ಲೂಸಿ ಗುವೊ ತಮ್ಮ ವಿದ್ಯಾಭ್ಯಾಸದ ಅವಧಿಯಲ್ಲಿ ಕಂಪ್ಯೂಟರ್ ವಿಜ್ಞಾನವನ್ನು ಅಧ್ಯಯನ ಮಾಡಿದರು. ಲೂಸಿ ಗುವೊ ಅವರು ಸ್ಕೇಲ್ ಎಐ ಎಂಬ ಕಂಪನಿಯ ಸಹ ಸಂಸ್ಥಾಪಕರಾಗಿದ್ದರು. ಅವರು 2022 ರಲ್ಲಿ ಪ್ರಾರಂಭವಾದ ಪಾಸಸ್ ಎಂಬ ಸ್ಟಾರ್ಟಪ್ ಅನ್ನು ಸ್ಥಾಪಿಸಿದರು. ಇದು ಕ್ರಿಯೇಟರ್ ಗಳಿಗೆ ಅನುಕೂಲ ಮಾಡಿಕೊಡುವ ವೇದಿಕೆಯಾಗಿದೆ.
ಬಂದರು. ಅಂತಹ ಪರಿಸ್ಥಿತಿಯಲ್ಲಿ, ಅವರ ಮಗಳು ಲೂಸಿ ಗುವೊ ತನ್ನ ಅಧ್ಯಯನವನ್ನು ಅರ್ಧದಲ್ಲೇ ಬಿಟ್ಟು, ಅವರು ತುಂಬಾ ವೃತ್ತಿ ಪಡೆದರು. ಇತ್ತೀಚಿನ ಸಂದರ್ಶನದಲ್ಲಿ, ಲೂಸಿ ಗುವೊ ತನ್ನ ಪೋಷಕರು ತುಂಬಾ ಸರಳ ಜೀವನವನ್ನು ನಡೆಸುತ್ತಿದ್ದರು ಮತ್ತು ಯಾವಾಗಲೂ ಕಠಿಣ ಪರಿಶ್ರಮವನ್ನು ಒತ್ತಿ ಹೇಳುತ್ತಿದ್ದರು ಎಂದು ಹೇಳಿದ್ದಾರೆ. ಬಾಲ್ಯದಿಂದಲೇ ಲೂಸಿಗೆ ಹಣ ಮತ್ತು ಶಿಕ್ಷಣದ ಮಹತ್ವವನ್ನು ಕಲಿಸಿದ್ದಾರೆ. ಲೂಸಿಯ ಜೀವನವು ಬಹಳ ಸರಳವಾಗಿತ್ತು. ಲೂಸಿ ಗುವೊ ಅವರ ಕಥೆಯು ಧೈರ್ಯ ಮತ್ತು ಕಠಿಣ ಪರಿಶ್ರಮದ ಕಥೆಯಾಗಿದೆ. ಸ್ಟಾರ್ಟಪ್ ಜಗತ್ತಿನಲ್ಲಿ ತಮ್ಮದೇ ಆದ ಛಾಪು ಮೂಡಿಸಿದ್ದಾರೆ. ಹೊಸ ಆಲೋಚನೆಗಳೊಂದಿಗೆ ಮುನ್ನುಗ್ಗುತ್ತಿರುವ ಅವರು ಇಂದಿನ ಯುವ ಉದ್ಯಮಿಗಳಿಗೆ ಸ್ಫೂರ್ತಿಯಾಗಿದ್ದಾರೆ. ಇದರ ನಂತರ ಅವರು ಎಂಜಿನಿಯರಿಂಗ್ ಮಾಡಿ ಕೋಡಿಂಗ್ ಕಲಿಯುತ್ತಿದ್ದರು. ನಂತರ ಸ್ಕೇಲ್ ಎಐ ಕಂಪನಿಯನ್ನು ತೊರೆದು ಪಾಸಸ್ ಅನ್ನು ಸ್ಥಾಪಿಸಿದರು. ಪ್ರತಿಯೊಬ್ಬರೂ ಸ್ಫೂರ್ತಿ ಪಡೆಯುತ್ತಿದ್ದಾರೆ.
ದೆಹಲಿ ಸೇರಿ ಹಲವೆಡೆ ಭಾರೀ ಮಳೆ ನಿರೀಕ್ಷೆ
ನವದೆಹಲಿ,ಸೆ.9:– ರಾಷ್ಟ್ರ ರಾಜಧಾನಿ ದೆಹಲಿ, ಪಂಜಾಬ್ ಗುಜರಾತ್ ಸೇರಿದಂತೆ ದೇಶದ ಹಲವು ರಾಜ್ಯಗಳಲ್ಲಿ ಮುಂದಿನ ಎರಡು ಮೂರು ದಿನಗಳ ಕಾಲ ಗುಡುಗು ಸಹಿತ ಮಳೆಯಾಗಲಿದೆ ಎಂದು ಭಾರತೀಯ ಹವಾಮಾನ ಇಲಾಖೆ ಮುನ್ಸೂಚನೆ ನೀಡಿದೆ. ದೆಹಲಿಯಲ್ಲಿ ಗರಿಷ್ಠ ತಾಪಮಾನ 34.4 ಡಿಗ್ರಿ ಸೆಲ್ಸಿಯಸ್ ಇದ್ದು ಗುಡುಗು ಸಹಿತ ಮಳೆಯಾಗುವ ನಿರೀಕ್ಷೆಯಿದೆ. ನಿರಂತರ ಮಳೆಯಿಂದಾಗಿ ಪಂಜಾಬ್ ತೀವ್ರ ಪ್ರವಾಹ ಎದುರಿಸುತ್ತಿದೆ, ಗುಜರಾತ್ ವಡೋದರಾದಲ್ಲಿ ಮೂರು ಮನೆ ಮತ್ತು ನೀರಿನ ಹಲವು ಪ್ರದೇಶಗಳು ಜಲಾವೃತವಾಗಿವೆ. ದೆಹಲಿಯ ಸಫ್ದರ್ಜಂಗ್ ನಲ್ಲಿ ಕ್ರಮವಾಗಿ 5.7 ಮಿಮೀ ಮಳೆಯಾಗಿದ್ದರೆ, ಮಯೂರ್ ವಿಹಾರ್ ಮತ್ತು ಪೀತಂಪುರದಲ್ಲಿ ಕ್ರಮವಾಗಿ 16 ಮಿಮೀ ಮತ್ತು 1.5 ಮಿಮೀ ಮಳೆಯಾಗಿದೆ. ಸಪ್ಧರ್ಜಂಗ್, ಪಾಲಂ, ಆಯನಗರ, ಪುಸಾ, ನಜಾಫ್ ಗಢ ಮತ್ತು ಜನಕ್ ಪುರಿಯಂತಹ ಇತರ ಕೇಂದ್ರಗಳಲ್ಲಿ ಮಳೆಯಾಗಿದೆ.
ಸಾಮಗ್ರಿಗಳನ್ನು ಒದಗಿಸಲು ಮತ್ತು ರಕ್ಷಣಾ ಕಾರ್ಯಾಚರಣೆ ನಡೆಸಲು ಭಾರತೀಯ ಸೇನೆ ನಿಯೋಜಿಸಲಾಗಿದೆ. ಇತ್ತೀಚಿನ ವರದಿಗಳ ಪ್ರಕಾರ, ಕನಿಷ್ಠ 46 ಜನರು ಪ್ರಾಣ ಕಳೆದುಕೊಂಡಿದ್ದಾರೆ ಮತ್ತು ಅನೇಕ ಗ್ರಾಮಗಳು ಮುಳುಗಿವೆ. 40–50 ಗ್ರಾಮಗಳಲ್ಲಿ ಅನೇಕ ರಸ್ತೆಗಳು ಸಂಪೂರ್ಣವಾಗಿ ನಾಶವಾಗಿವೆ. ಇತ್ತೀಚಿನ ದಿನಗಳಲ್ಲಿ ಗುಜರಾತ್ ಕೂಡ ಧಾರಾ ಮಳೆಯನ್ನು ಎದುರಿಸಿದೆ, ವಿಶೇಷವಾಗಿ ವಡೋದರಾದಲ್ಲಿ, ಸುಭಾನ್ ಪುರ, ತರ್ಸಾಲಿ ಮತ್ತು ವಡ್ಸರ್ಕೂ ಪ್ರದೇಶಗಳು ಮಳೆಯಿಂದ ಜಲಾವೃತವಾಗಿವೆ. ವಿಶ್ವಾಮಿತ್ರಿ ನದಿಯಲ್ಲಿ ನೀರಿನ ಮಟ್ಟ ಏರಿಕೆಯಾಗಿದ್ದು ಅಧಿಕಾರಿಗಳು ಕಟ್ಟೆಚ್ಚರ ವಹಿಸಿದ್ದಾರೆ. ನಾಗರಿಕ ಅಧಿಕಾರಿಗಳು ಪ್ರವಾಹ ಪರಿಸ್ಥಿತಿಯನ್ನು ನಿರ್ವಹಿಸಲು ಸಜ್ಜಾಗಿದ್ದಾರೆ.
ಮಹಿಳೆಯರಿಗೆ ವಿವಾಹ ವಯಸ್ಸು 22.9 ವರ್ಷ - ವರದಿ
ನವದೆಹಲಿ, ಸೆ.9:– ರಾಷ್ಟ್ರೀಯ ಮಟ್ಟದಲ್ಲಿ ಮಹಿಳೆಯರಿಗೆ ಪರಿಣಾಮಕಾರಿ ವಿವಾಹದ ಸರಾಸರಿ ವಯಸ್ಸು 22.9 ವರ್ಷಗಳು ಎಂದು ಸ್ಯಾಂಪಲ್ ರಿಜಿಸ್ಟ್ರೇಷನ್ ಸಿಸ್ಟಮ್ (ಎಸ್ಆರ್ಎಸ್) ಅಂಕಿಅಂಶಗಳ 2023ರ ವರದಿ ಬಹಿರಂಗಪಡಿಸಿದೆ. ಇದು 2022ರಲ್ಲಿದ್ದ 22.7 ರಿಂದ ಸ್ವಲ್ಪ ಅಧಿಕವಾಗಿದೆ. ದೇಶದ ಪ್ರಮುಖ ರಾಜ್ಯಗಳಲ್ಲಿ ಬಿಹಾರ ಹಾಗೂ ಉತ್ತರಪ್ರದೇಶ ವರ್ಷ ವಯಸ್ಸಿನ ಮಹಿಳೆಯರು ಮದುವೆ 18 ವರ್ಷ ವಯಸ್ಸಿನ ನಂತರ ಮದುವೆಯಾಗುತ್ತಾರೆ ಎಂದು ವರದಿ ಹೇಳಿದೆ. ಆದಾಗ್ಯೂ, ಪಶ್ಚಿಮ ಬಂಗಾಳ, ಜಾರ್ಖಂಡ್ ಮತ್ತು ಛತ್ತೀಸ್ ಗಢದಂತಹ ರಾಜ್ಯಗಳಲ್ಲಿ, ಹೆಚ್ಚಿನ ಸಂಖ್ಯೆಯ ಮಹಿಳೆಯರು 18 ವರ್ಷ ವಯಸ್ಸನ್ನು ತಲುಪುವ ಮೊದಲೇ ಮದುವೆಯಾಗುವುದನ್ನು ಮುಂದುವರಿಸಿದ್ದಾರೆ. ಅಲ್ಲದೆ, ಪಶ್ಚಿಮ ಬಂಗಾಳದಲ್ಲಿ 21.3 ವರ್ಷಗಳು ಮತ್ತು ಕೇರಳದಲ್ಲಿ 26.3 ವರ್ಷಗಳವರೆಗೆ ರಾಜ್ಯಗಳಾದ್ಯಂತ ಪರಿಣಾಮಕಾರಿ
ವಿವಾಹದ ಸರಾಸರಿ ವಯಸ್ಸಿನಲ್ಲಿ ವ್ಯತ್ಯಾಸಗಳಿವೆ. 2019ರಿಂದ 2023 ರವರೆಗಿನ ಐದು ವರ್ಷಗಳ ದತ್ತಾಂಶವನ್ನು ಗಮನಿಸಿದರೆ, ಮಹಿಳೆಯರ ಪರಿಣಾಮಕಾರಿ ವಿವಾಹದ ಸರಾಸರಿ ವಯಸ್ಸು 2021ರಲ್ಲಿ 22.5 ವರ್ಷವಿದ್ದರೆ, 2020ರಲ್ಲಿ 22.7 ಮತ್ತು 2019 ರಲ್ಲಿ 22.1 ಆಗಿತ್ತು ಎಂದು ಪ್ರಕಟಣೆ ತಿಳಿಸಿದೆ. ನಗರ ಮತ್ತು ಗ್ರಾಮೀಣ ಪ್ರದೇಶಗಳನ್ನೂ ಒಳಗೊಂಡ ಮದುವೆಯ ಸರಾಸರಿ ವಯಸ್ಸು ಹೆಚ್ಚು ವರ್ಷಗಳಿಗೆ ಸ್ಥಿರವಾದ ಏರಿಕೆಯನ್ನು ತೋರಿಸಿದ್ದು ಗ್ರಾಮೀಣ – ನಗರ ಅಂತರವು ಗಮನಾರ್ಹವಾಗಿಯೇ ಉಳಿದಿದೆ. 2023ರಲ್ಲಿ ಗ್ರಾಮೀಣ ಪ್ರದೇಶಗಳಲ್ಲಿ ಸರಾಸರಿ ವಯಸ್ಸು 22.4 ವರ್ಷಗಳಾಗಿದ್ದರೆ ನಗರ ಪ್ರದೇಶಗಳಲ್ಲಿ 24.3 ವರ್ಷಗಳಾಗಿದೆ. ಈ ಅಂತರವನ್ನು ಭಾರತದಾದ್ಯಂತ ವಿವಾಹದ ಮಾದರಿಗಳನ್ನು ರೂಪಿಸುವಲ್ಲಿ ನಿರಂತರ ಸಾಮಾಜಿಕ ಆರ್ಥಿಕ ಅಂಶಗಳ ಮೇಲೆ ಪರಿಣಾಮ ಬೀರುತ್ತವೆ ಎಂದು ವರದಿ ಹೇಳಿದೆ. 2022ರಲ್ಲಿ ಗ್ರಾಮೀಣ ಪ್ರದೇಶಗಳಲ್ಲಿ ಸರಾಸರಿ
ವಯಸ್ಸು 22.2 ವರ್ಷಗಳು ಮತ್ತು ನಗರ ಪ್ರದೇಶಗಳಲ್ಲಿ 23.9 ವರ್ಷಗಳಾಗಿತ್ತು. 1990ರಿಂದ ಎಸ್ಆರ್ ಎಸ್ ಅರ್ಧ–ವಾರ್ಷಿಕ ಸಮೀಕ್ಷೆಯು ಪ್ರತಿ ವರ್ಷ ಒಂದೇ ಅವಧಿಯಲ್ಲಿ ಪರಿಣಾಮಕಾರಿ ವಿವಾಹಕ್ಕೆ ಪ್ರವೇಶಿಸಿದ ಮಹಿಳೆಯ ವಯಸ್ಸಿನ ದತ್ತಾಂಶವನ್ನು ಸಂಗ್ರಹಿಸುತ್ತದೆ ಎಂದು ವರದಿ ಹೇಳಿದೆ.
ಮಹಿಳೆಯ ಆಧಾರದ ಮೇಲೆ ಅಂದಾಜಿಸಲಾಗಿದೆ. ರಾಷ್ಟ್ರಮಟ್ಟದಲ್ಲಿ, ಶೇ. 2.1 ರಷ್ಟು ಮಹಿಳೆಯರು 18 ವರ್ಷಕ್ಕಿಂತ ಮುಂಚೆಯೇ ಮದುವೆಯಾಗುತ್ತಿದ್ದಾರೆ. ಶೇ. 25 ರಷ್ಟು 18 ರಿಂದ 20 ವರ್ಷ ವಯಸ್ಸಿನಲ್ಲಿ ಮತ್ತು ಶೇ. 72.9 ರಷ್ಟು 21 ಅಥವಾ ಅದಕ್ಕಿಂತ ಹೆಚ್ಚಿನ ವಯಸ್ಸಿನಲ್ಲಿ ಮದುವೆಯಾಗುತ್ತಿದ್ದಾರೆ. ಗ್ರಾಮೀಣ ಪ್ರದೇಶಗಳಲ್ಲಿ, ಅನುಗುಣವಾದ ಶೇಕಡಾವಾರು ಅನುಕ್ರಮವಾಗಿ ಶೇ. 2.5, ಶೇ. 28.1 ಮತ್ತು ಶೇ. 69.4 ರಷ್ಟಿದ್ದರೆ, ನಗರ ಪ್ರದೇಶಗಳಲ್ಲಿ ಕ್ರಮವಾಗಿ ಶೇ. 1.2, ಶೇ. 17 ಮತ್ತು ಶೇ. 81.8 ರಷ್ಟಿದೆ. ದೊಡ್ಡ ರಾಜ್ಯಗಳು/ಕೇಂದ್ರಾಡಳಿತ ಪ್ರದೇಶಗಳಲ್ಲಿ, 18 ವರ್ಷಕ್ಕಿಂತ ಮೊದಲು ಮದುವೆಯಾಗುವ ಮಹಿಳೆಯರ ಪ್ರಮಾಣವು ಪಶ್ಚಿಮ ಬಂಗಾಳದಲ್ಲಿ (ಶೇ. 6.3) ಅತಿ ಹೆಚ್ಚಾಗಿದ್ದರೆ ಕೇರಳದಲ್ಲಿ (ಶೇ. 0.1) ಅತಿ ಕಡಿಮೆ ಪ್ರಮಾಣ ಕಂಡು ಬಂದಿದೆ.
